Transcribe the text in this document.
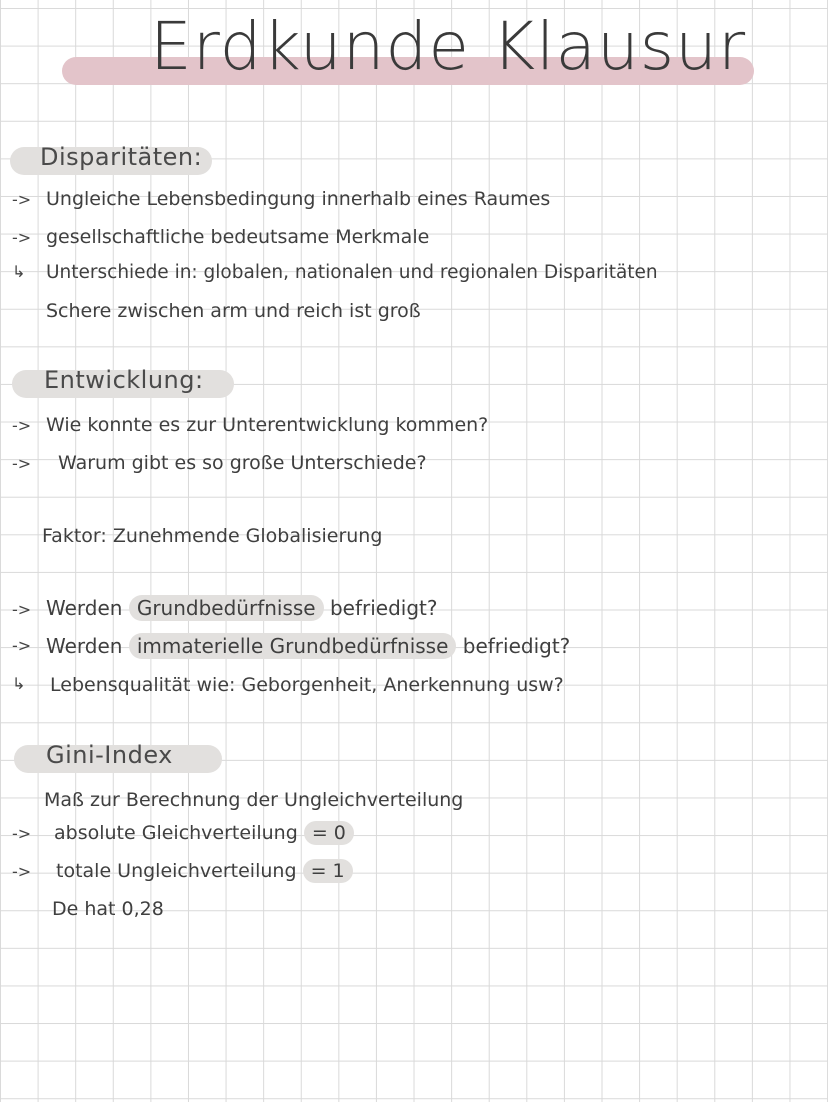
Erdkunde Klausur
Disparitäten:
-> Ungleiche Lebensbedingung innerhalb eines Raumes
-> gesellschaftliche bedeutsame Merkmale
↳ Unterschiede in: globalen, nationalen und regionalen Disparitäten
Schere zwischen arm und reich ist groß
Entwicklung:
-> Wie konnte es zur Unterentwicklung kommen?
-> Warum gibt es so große Unterschiede?
Faktor: Zunehmende Globalisierung
-> Werden Grundbedürfnisse befriedigt?
-> Werden immaterielle Grundbedürfnisse befriedigt?
↳ Lebensqualität wie: Geborgenheit, Anerkennung usw?
Gini-Index
Maß zur Berechnung der Ungleichverteilung
-> absolute Gleichverteilung = 0
-> totale Ungleichverteilung = 1
De hat 0,28
